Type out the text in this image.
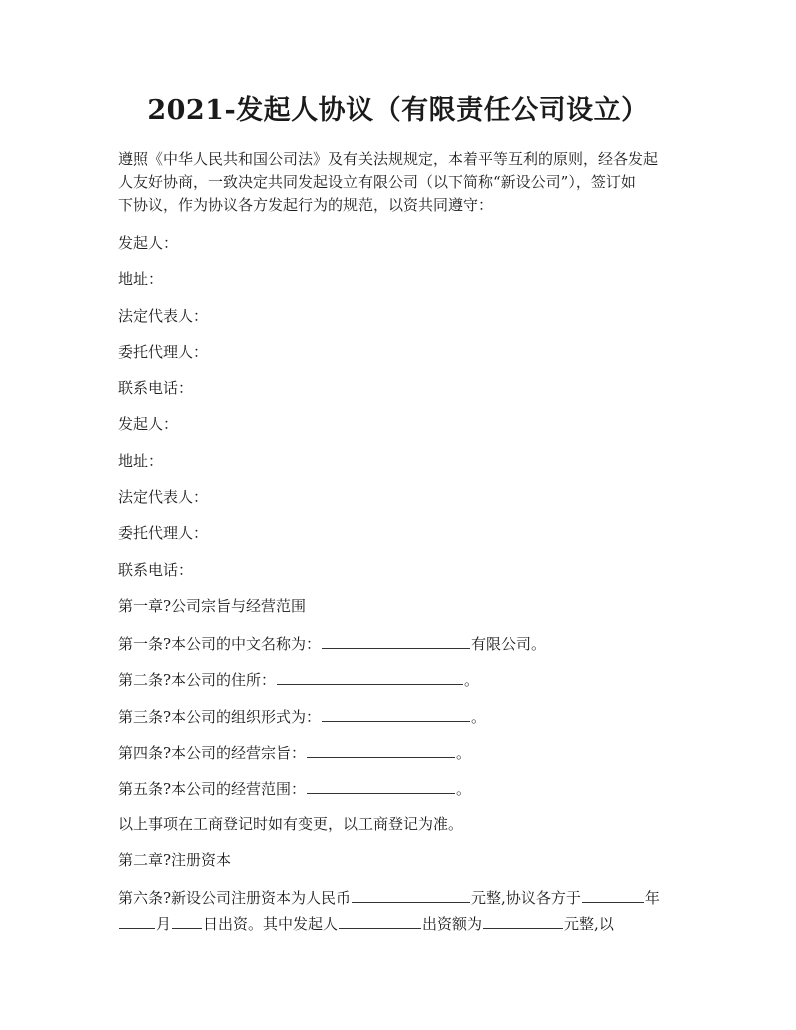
2021-发起人协议（有限责任公司设立）
遵照《中华人民共和国公司法》及有关法规规定，本着平等互利的原则，经各发起
人友好协商，一致决定共同发起设立有限公司（以下简称“新设公司”），签订如
下协议，作为协议各方发起行为的规范，以资共同遵守：
发起人：
地址：
法定代表人：
委托代理人：
联系电话：
发起人：
地址：
法定代表人：
委托代理人：
联系电话：
第一章?公司宗旨与经营范围
第一条?本公司的中文名称为：	有限公司。
第二条?本公司的住所：	。
第三条?本公司的组织形式为：	。
第四条?本公司的经营宗旨：	。
第五条?本公司的经营范围：	。
以上事项在工商登记时如有变更，以工商登记为准。
第二章?注册资本
第六条?新设公司注册资本为人民币	元整,协议各方于	年
月 日出资。其中发起人	出资额为	元整,以
